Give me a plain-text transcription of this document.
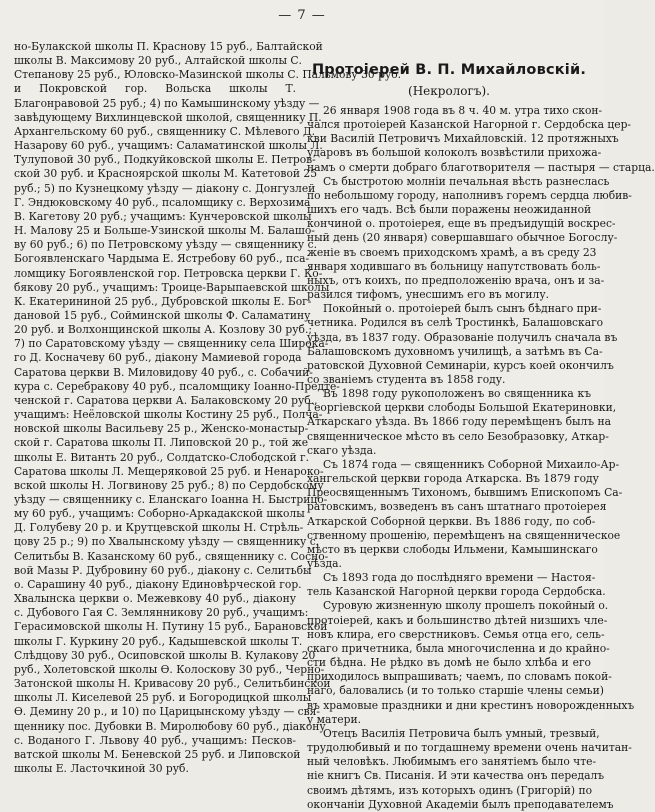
— 7 —
но-Булакской школы П. Краснову 15 руб., Балтайской
школы В. Максимову 20 руб., Алтайской школы С.
Степанову 25 руб., Юловско-Мазинской школы С. Пальмову 30 руб.
и Покровской гор. Вольска школы Т.
Благонравовой 25 руб.; 4) по Камышинскому уѣзду —
завѣдующему Вихлинцевской школой, священнику П.
Архангельскому 60 руб., священнику С. Мѣлевого Д.
Назарову 60 руб., учащимъ: Саламатинской школы Л.
Тулуповой 30 руб., Подкуйковской школы Е. Петров-
ской 30 руб. и Красноярской школы М. Катетовой 25
руб.; 5) по Кузнецкому уѣзду — діакону с. Донгузлей
Г. Эндюковскому 40 руб., псаломщику с. Верхозима
В. Кагетову 20 руб.; учащимъ: Кунчеровской школы
Н. Малову 25 и Больше-Узинской школы М. Балашо-
ву 60 руб.; 6) по Петровскому уѣзду — священнику с.
Богоявленскаго Чардыма Е. Ястребову 60 руб., пса-
ломщику Богоявленской гор. Петровска церкви Г. Ко-
бякову 20 руб., учащимъ: Троице-Варыпаевской школы
К. Екатерининой 25 руб., Дубровской школы Е. Бог-
дановой 15 руб., Сойминской школы Ф. Саламатину
20 руб. и Волхонщинской школы А. Козлову 30 руб.;
7) по Саратовскому уѣзду — священнику села Широка-
го Д. Косначеву 60 руб., діакону Мамиевой города
Саратова церкви В. Миловидову 40 руб., с. Собачий-
кура с. Серебракову 40 руб., псаломщику Іоанно-Предте-
ченской г. Саратова церкви А. Балаковскому 20 руб.,
учащимъ: Неёловской школы Костину 25 руб., Полча-
новской школы Васильеву 25 р., Женско-монастыр-
ской г. Саратова школы П. Липовской 20 р., той же
школы Е. Витанть 20 руб., Солдатско-Слободской г.
Саратова школы Л. Мещеряковой 25 руб. и Ненароко-
вской школы Н. Логвинову 25 руб.; 8) по Сердобскому
уѣзду — священнику с. Еланскаго Іоанна Н. Быстрицо-
му 60 руб., учащимъ: Соборно-Аркадакской школы
Д. Голубеву 20 р. и Крутцевской школы Н. Стрѣль-
цову 25 р.; 9) по Хвалынскому уѣзду — священнику с.
Селитьбы В. Казанскому 60 руб., священнику с. Сосно-
вой Мазы Р. Дубровину 60 руб., діакону с. Селитьбы
о. Сарашину 40 руб., діакону Единовѣрческой гор.
Хвалынска церкви о. Межевкову 40 руб., діакону
с. Дубового Гая С. Землянникову 20 руб., учащимъ:
Герасимовской школы Н. Путину 15 руб., Барановской
школы Г. Куркину 20 руб., Кадышевской школы Т.
Слѣдцову 30 руб., Осиповской школы В. Кулакову 20
руб., Холетовской школы Ѳ. Колоскову 30 руб., Черно-
Затонской школы Н. Кривасову 20 руб., Селитьбинской
школы Л. Киселевой 25 руб. и Богородицкой школы
Ѳ. Демину 20 р., и 10) по Царицынскому уѣзду — свя-
щеннику пос. Дубовки В. Миролюбову 60 руб., діакону
с. Воданого Г. Львову 40 руб., учащимъ: Песков-
ватской школы М. Беневской 25 руб. и Липовской
школы Е. Ласточкиной 30 руб.
Протоіерей В. П. Михайловскій.
(Некрологъ).
26 января 1908 года въ 8 ч. 40 м. утра тихо скон-
чался протоіерей Казанской Нагорной г. Сердобска цер-
кви Василій Петровичъ Михайловскій. 12 протяжныхъ
ударовъ въ большой колоколъ возвѣстили прихожа-
намъ о смерти добраго благотворителя — пастыря — старца.
Съ быстротою молніи печальная вѣсть разнеслась
по небольшому городу, наполнивъ горемъ сердца любив-
шихъ его чадъ. Всѣ были поражены неожиданной
кончиной о. протоіерея, еще въ предъидущій воскрес-
ный день (20 января) совершавшаго обычное Богослу-
женіе въ своемъ приходскомъ храмѣ, а въ среду 23
января ходившаго въ больницу напутствовать боль-
ныхъ, отъ коихъ, по предположенію врача, онъ и за-
разился тифомъ, унесшимъ его въ могилу.
Покойный о. протоіерей былъ сынъ бѣднаго при-
четника. Родился въ селѣ Тростинкѣ, Балашовскаго
уѣзда, въ 1837 году. Образованіе получилъ сначала въ
Балашовскомъ духовномъ училищѣ, а затѣмъ въ Са-
ратовской Духовной Семинаріи, курсъ коей окончилъ
со званіемъ студента въ 1858 году.
Въ 1898 году рукоположенъ во священника къ
Георгіевской церкви слободы Большой Екатериновки,
Аткарскаго уѣзда. Въ 1866 году перемѣщенъ былъ на
священническое мѣсто въ село Безобразовку, Аткар-
скаго уѣзда.
Съ 1874 года — священникъ Соборной Михаило-Ар-
хангельской церкви города Аткарска. Въ 1879 году
Преосвященнымъ Тихономъ, бывшимъ Епископомъ Са-
ратовскимъ, возведенъ въ санъ штатнаго протоіерея
Аткарской Соборной церкви. Въ 1886 году, по соб-
ственному прошенію, перемѣщенъ на священническое
мѣсто въ церкви слободы Ильмени, Камышинскаго
уѣзда.
Съ 1893 года до послѣдняго времени — Настоя-
тель Казанской Нагорной церкви города Сердобска.
Суровую жизненную школу прошелъ покойный о.
протоіерей, какъ и большинство дѣтей низшихъ чле-
новъ клира, его сверстниковъ. Семья отца его, сель-
скаго причетника, была многочисленна и до крайно-
сти бѣдна. Не рѣдко въ домѣ не было хлѣба и его
приходилось выпрашивать; чаемъ, по словамъ покой-
наго, баловались (и то только старшіе члены семьи)
въ храмовые праздники и дни крестинъ новорожденныхъ
у матери.
Отецъ Василія Петровича былъ умный, трезвый,
трудолюбивый и по тогдашнему времени очень начитан-
ный человѣкъ. Любимымъ его занятіемъ было чте-
ніе книгъ Св. Писанія. И эти качества онъ передалъ
своимъ дѣтямъ, изъ которыхъ одинъ (Григорій) по
окончаніи Духовной Академіи былъ преподавателемъ
